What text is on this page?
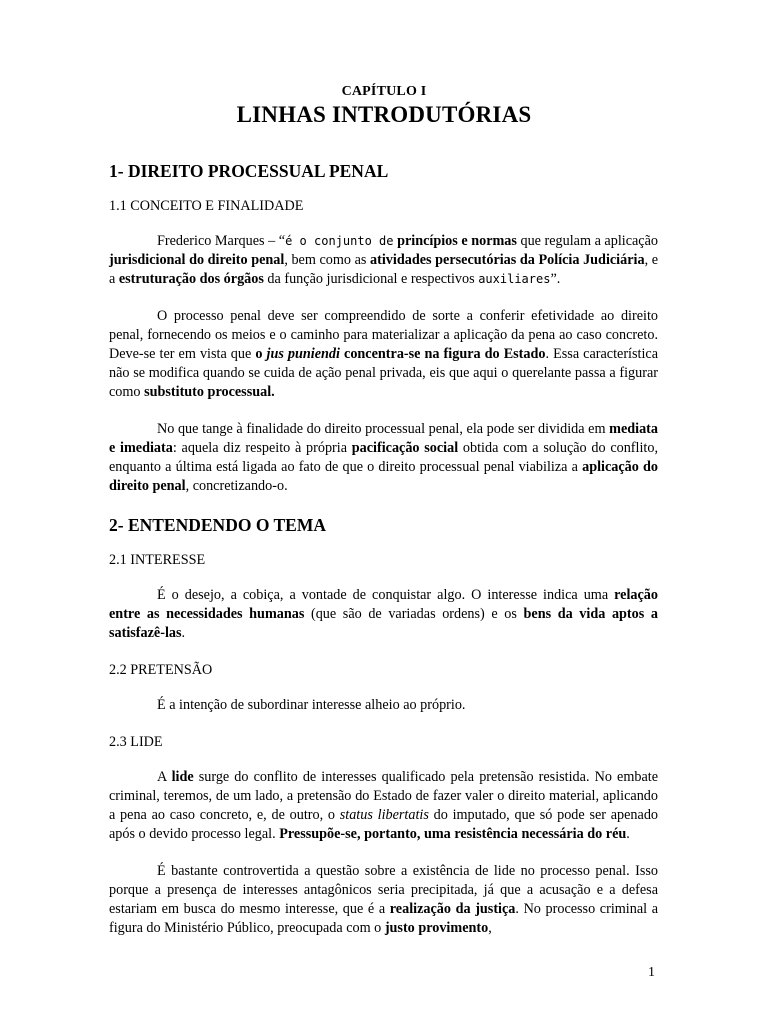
CAPÍTULO I
LINHAS INTRODUTÓRIAS
1- DIREITO PROCESSUAL PENAL
1.1 CONCEITO E FINALIDADE

Frederico Marques – “é o conjunto de princípios e normas que regulam a aplicação jurisdicional do direito penal, bem como as atividades persecutórias da Polícia Judiciária, e a estruturação dos órgãos da função jurisdicional e respectivos auxiliares”.

O processo penal deve ser compreendido de sorte a conferir efetividade ao direito penal, fornecendo os meios e o caminho para materializar a aplicação da pena ao caso concreto. Deve-se ter em vista que o jus puniendi concentra-se na figura do Estado. Essa característica não se modifica quando se cuida de ação penal privada, eis que aqui o querelante passa a figurar como substituto processual.

No que tange à finalidade do direito processual penal, ela pode ser dividida em mediata e imediata: aquela diz respeito à própria pacificação social obtida com a solução do conflito, enquanto a última está ligada ao fato de que o direito processual penal viabiliza a aplicação do direito penal, concretizando-o.

2- ENTENDENDO O TEMA
2.1 INTERESSE

É o desejo, a cobiça, a vontade de conquistar algo. O interesse indica uma relação entre as necessidades humanas (que são de variadas ordens) e os bens da vida aptos a satisfazê-las.

2.2 PRETENSÃO

É a intenção de subordinar interesse alheio ao próprio.

2.3 LIDE

A lide surge do conflito de interesses qualificado pela pretensão resistida. No embate criminal, teremos, de um lado, a pretensão do Estado de fazer valer o direito material, aplicando a pena ao caso concreto, e, de outro, o status libertatis do imputado, que só pode ser apenado após o devido processo legal. Pressupõe-se, portanto, uma resistência necessária do réu.

É bastante controvertida a questão sobre a existência de lide no processo penal. Isso porque a presença de interesses antagônicos seria precipitada, já que a acusação e a defesa estariam em busca do mesmo interesse, que é a realização da justiça. No processo criminal a figura do Ministério Público, preocupada com o justo provimento,

1
